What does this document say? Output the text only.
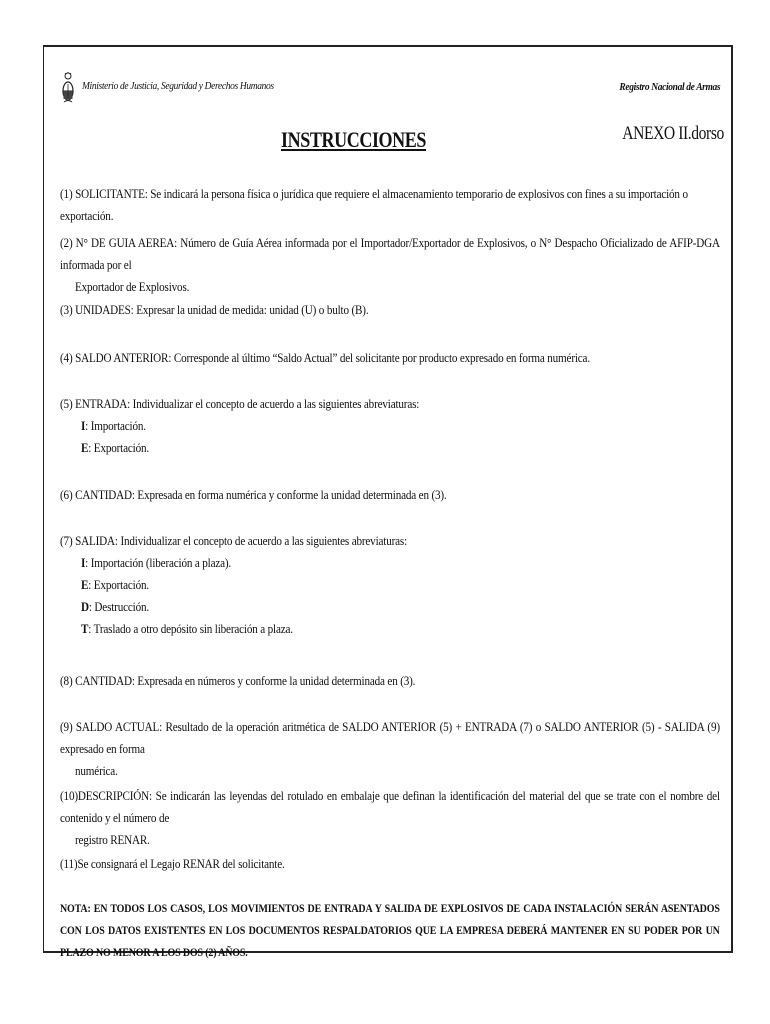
Ministerio de Justicia, Seguridad y Derechos Humanos	Registro Nacional de Armas
INSTRUCCIONES	ANEXO II.dorso
(1) SOLICITANTE: Se indicará la persona física o jurídica que requiere el almacenamiento temporario de explosivos con fines a su importación o exportación.
(2) N° DE GUIA AEREA: Número de Guía Aérea informada por el Importador/Exportador de Explosivos, o N° Despacho Oficializado de AFIP-DGA informada por el
Exportador de Explosivos.
(3) UNIDADES: Expresar la unidad de medida: unidad (U) o bulto (B).
(4) SALDO ANTERIOR: Corresponde al último “Saldo Actual” del solicitante por producto expresado en forma numérica.
(5) ENTRADA: Individualizar el concepto de acuerdo a las siguientes abreviaturas:
I: Importación.
E: Exportación.
(6) CANTIDAD: Expresada en forma numérica y conforme la unidad determinada en (3).
(7) SALIDA: Individualizar el concepto de acuerdo a las siguientes abreviaturas:
I: Importación (liberación a plaza).
E: Exportación.
D: Destrucción.
T: Traslado a otro depósito sin liberación a plaza.
(8) CANTIDAD: Expresada en números y conforme la unidad determinada en (3).
(9) SALDO ACTUAL: Resultado de la operación aritmética de SALDO ANTERIOR (5) + ENTRADA (7) o SALDO ANTERIOR (5) - SALIDA (9) expresado en forma
numérica.
(10)DESCRIPCIÓN: Se indicarán las leyendas del rotulado en embalaje que definan la identificación del material del que se trate con el nombre del contenido y el número de
registro RENAR.
(11)Se consignará el Legajo RENAR del solicitante.
NOTA: EN TODOS LOS CASOS, LOS MOVIMIENTOS DE ENTRADA Y SALIDA DE EXPLOSIVOS DE CADA INSTALACIÓN SERÁN ASENTADOS CON LOS DATOS EXISTENTES EN LOS DOCUMENTOS RESPALDATORIOS QUE LA EMPRESA DEBERÁ MANTENER EN SU PODER POR UN PLAZO NO MENOR A LOS DOS (2) AÑOS.
